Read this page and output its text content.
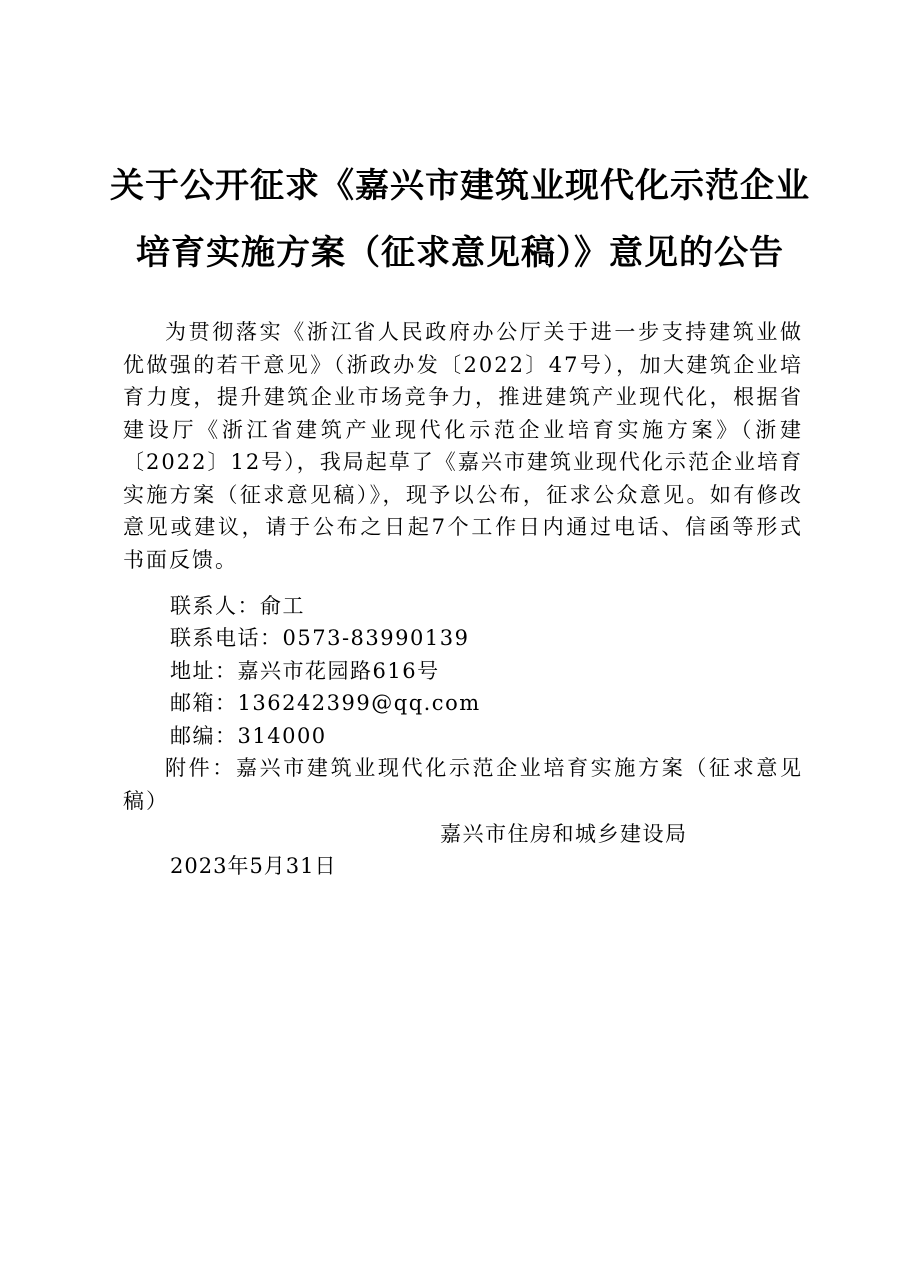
关于公开征求《嘉兴市建筑业现代化示范企业
培育实施方案（征求意见稿）》意见的公告

为贯彻落实《浙江省人民政府办公厅关于进一步支持建筑业做优做强的若干意见》（浙政办发〔2022〕47号），加大建筑企业培育力度，提升建筑企业市场竞争力，推进建筑产业现代化，根据省建设厅《浙江省建筑产业现代化示范企业培育实施方案》（浙建〔2022〕12号），我局起草了《嘉兴市建筑业现代化示范企业培育实施方案（征求意见稿）》，现予以公布，征求公众意见。如有修改意见或建议，请于公布之日起7个工作日内通过电话、信函等形式书面反馈。

联系人：俞工

联系电话：0573-83990139

地址：嘉兴市花园路616号

邮箱：136242399@qq.com

邮编：314000

附件：嘉兴市建筑业现代化示范企业培育实施方案（征求意见稿）

嘉兴市住房和城乡建设局

2023年5月31日
